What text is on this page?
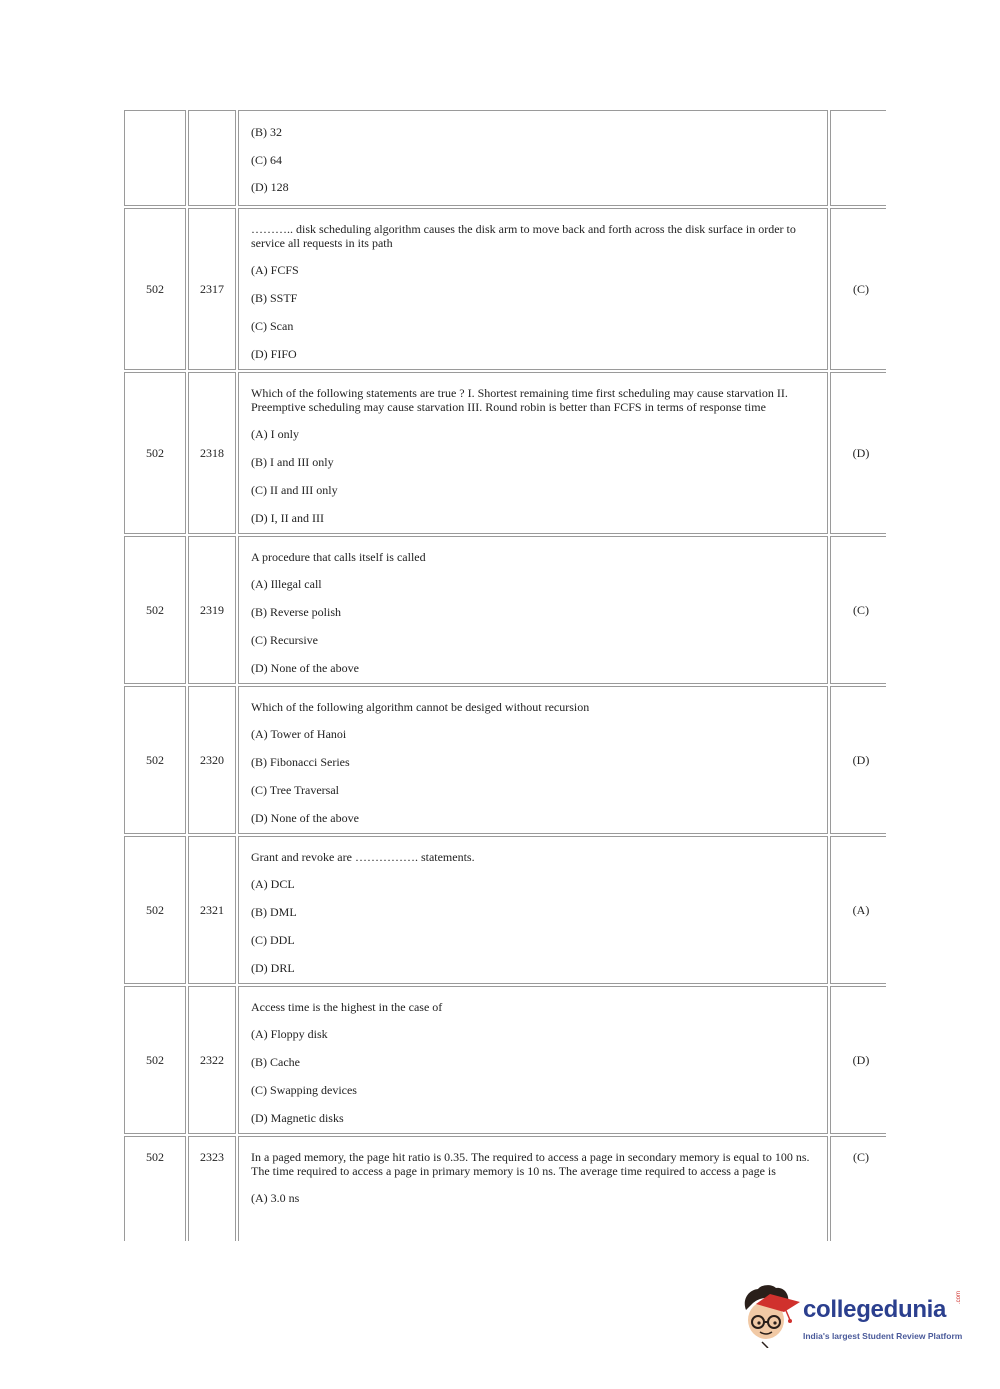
		(B) 32
(C) 64
(D) 128	

502	2317	……….. disk scheduling algorithm causes the disk arm to move back and forth across the disk surface in order to service all requests in its path
(A) FCFS
(B) SSTF
(C) Scan
(D) FIFO	(C)
502	2318	Which of the following statements are true ? I. Shortest remaining time first scheduling may cause starvation II. Preemptive scheduling may cause starvation III. Round robin is better than FCFS in terms of response time
(A) I only
(B) I and III only
(C) II and III only
(D) I, II and III	(D)
502	2319	A procedure that calls itself is called
(A) Illegal call
(B) Reverse polish
(C) Recursive
(D) None of the above	(C)
502	2320	Which of the following algorithm cannot be desiged without recursion
(A) Tower of Hanoi
(B) Fibonacci Series
(C) Tree Traversal
(D) None of the above	(D)
502	2321	Grant and revoke are ……………. statements.
(A) DCL
(B) DML
(C) DDL
(D) DRL	(A)
502	2322	Access time is the highest in the case of
(A) Floppy disk
(B) Cache
(C) Swapping devices
(D) Magnetic disks	(D)
502	2323	In a paged memory, the page hit ratio is 0.35. The required to access a page in secondary memory is equal to 100 ns. The time required to access a page in primary memory is 10 ns. The average time required to access a page is
(A) 3.0 ns	(C)
collegedunia .com
India's largest Student Review Platform
